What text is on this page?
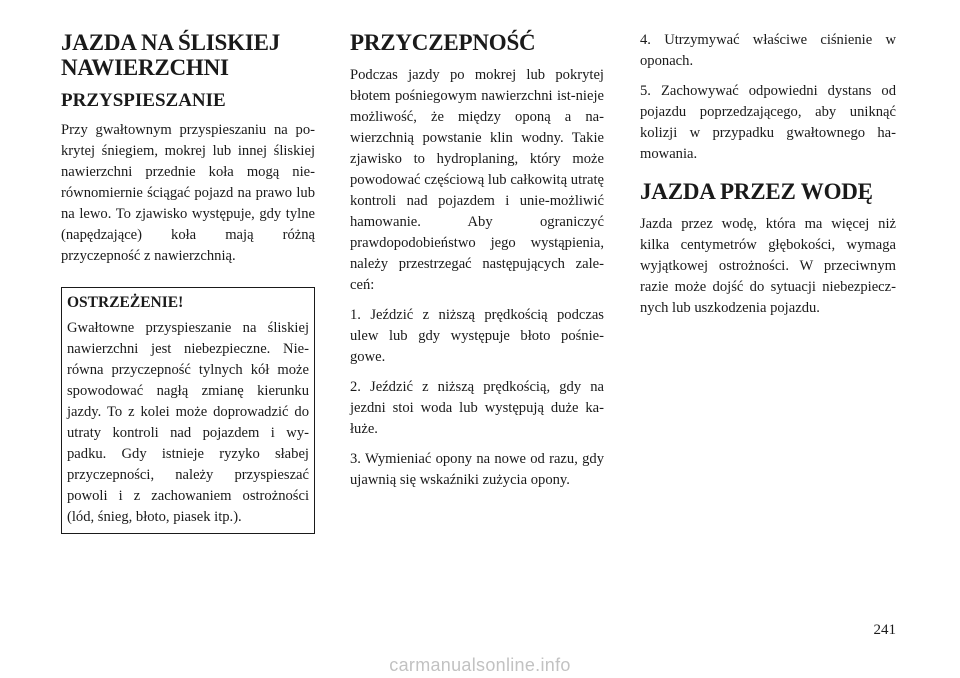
JAZDA NA ŚLISKIEJ NAWIERZCHNI
PRZYSPIESZANIE

Przy gwałtownym przyspieszaniu na po-krytej śniegiem, mokrej lub innej śliskiej nawierzchni przednie koła mogą nie-równomiernie ściągać pojazd na prawo lub na lewo. To zjawisko występuje, gdy tylne (napędzające) koła mają różną przyczepność z nawierzchnią.

OSTRZEŻENIE!

Gwałtowne przyspieszanie na śliskiej nawierzchni jest niebezpieczne. Nie-równa przyczepność tylnych kół może spowodować nagłą zmianę kierunku jazdy. To z kolei może doprowadzić do utraty kontroli nad pojazdem i wy-padku. Gdy istnieje ryzyko słabej przyczepności, należy przyspieszać powoli i z zachowaniem ostrożności (lód, śnieg, błoto, piasek itp.).

PRZYCZEPNOŚĆ

Podczas jazdy po mokrej lub pokrytej błotem pośniegowym nawierzchni ist-nieje możliwość, że między oponą a na-wierzchnią powstanie klin wodny. Takie zjawisko to hydroplaning, który może powodować częściową lub całkowitą utratę kontroli nad pojazdem i unie-możliwić hamowanie. Aby ograniczyć prawdopodobieństwo jego wystąpienia, należy przestrzegać następujących zale-ceń:

1. Jeździć z niższą prędkością podczas ulew lub gdy występuje błoto pośnie-gowe.

2. Jeździć z niższą prędkością, gdy na jezdni stoi woda lub występują duże ka-łuże.

3. Wymieniać opony na nowe od razu, gdy ujawnią się wskaźniki zużycia opony.

4. Utrzymywać właściwe ciśnienie w oponach.

5. Zachowywać odpowiedni dystans od pojazdu poprzedzającego, aby uniknąć kolizji w przypadku gwałtownego ha-mowania.

JAZDA PRZEZ WODĘ

Jazda przez wodę, która ma więcej niż kilka centymetrów głębokości, wymaga wyjątkowej ostrożności. W przeciwnym razie może dojść do sytuacji niebezpiecz-nych lub uszkodzenia pojazdu.

241
carmanualsonline.info
